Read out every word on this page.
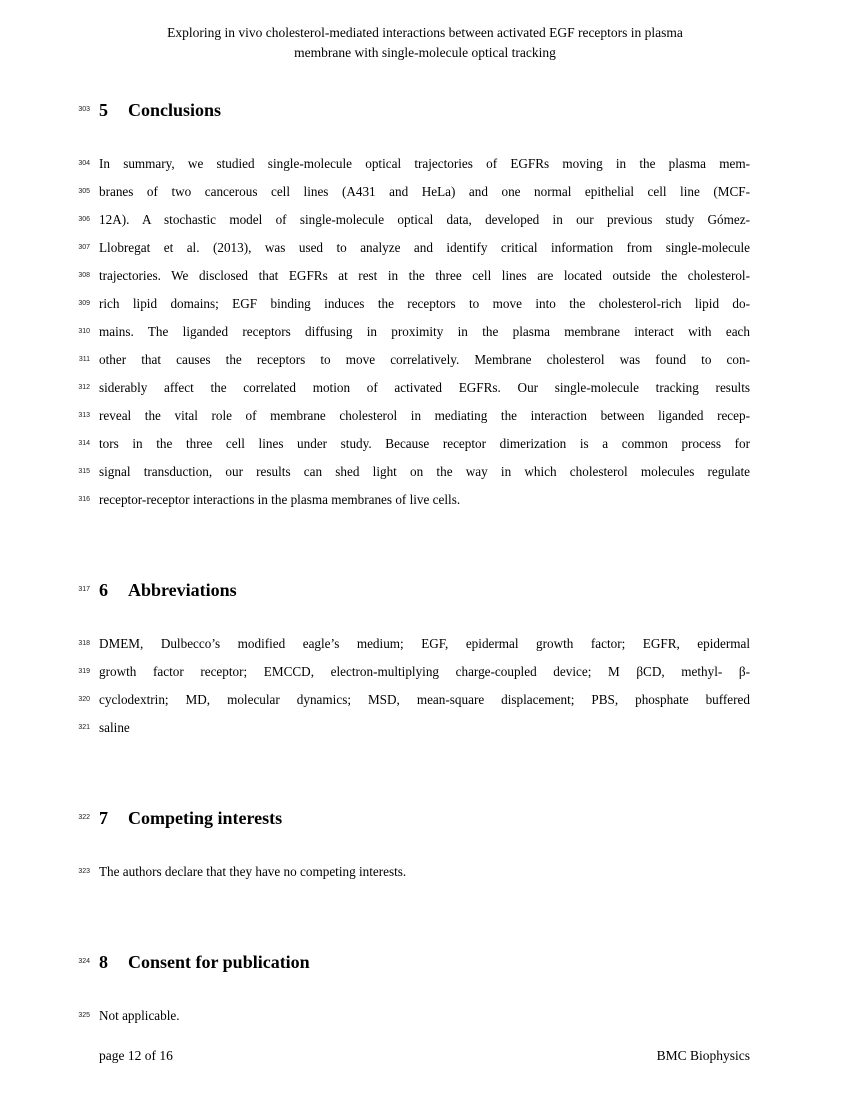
Exploring in vivo cholesterol-mediated interactions between activated EGF receptors in plasma
membrane with single-molecule optical tracking
303 5 Conclusions
304 In summary, we studied single-molecule optical trajectories of EGFRs moving in the plasma mem-
305 branes of two cancerous cell lines (A431 and HeLa) and one normal epithelial cell line (MCF-
306 12A). A stochastic model of single-molecule optical data, developed in our previous study Gómez-
307 Llobregat et al. (2013), was used to analyze and identify critical information from single-molecule
308 trajectories. We disclosed that EGFRs at rest in the three cell lines are located outside the cholesterol-
309 rich lipid domains; EGF binding induces the receptors to move into the cholesterol-rich lipid do-
310 mains. The liganded receptors diffusing in proximity in the plasma membrane interact with each
311 other that causes the receptors to move correlatively. Membrane cholesterol was found to con-
312 siderably affect the correlated motion of activated EGFRs. Our single-molecule tracking results
313 reveal the vital role of membrane cholesterol in mediating the interaction between liganded recep-
314 tors in the three cell lines under study. Because receptor dimerization is a common process for
315 signal transduction, our results can shed light on the way in which cholesterol molecules regulate
316 receptor-receptor interactions in the plasma membranes of live cells.
317 6 Abbreviations
318 DMEM, Dulbecco’s modified eagle’s medium; EGF, epidermal growth factor; EGFR, epidermal
319 growth factor receptor; EMCCD, electron-multiplying charge-coupled device; M βCD, methyl- β-
320 cyclodextrin; MD, molecular dynamics; MSD, mean-square displacement; PBS, phosphate buffered
321 saline
322 7 Competing interests
323 The authors declare that they have no competing interests.
324 8 Consent for publication
325 Not applicable.
page 12 of 16	BMC Biophysics
